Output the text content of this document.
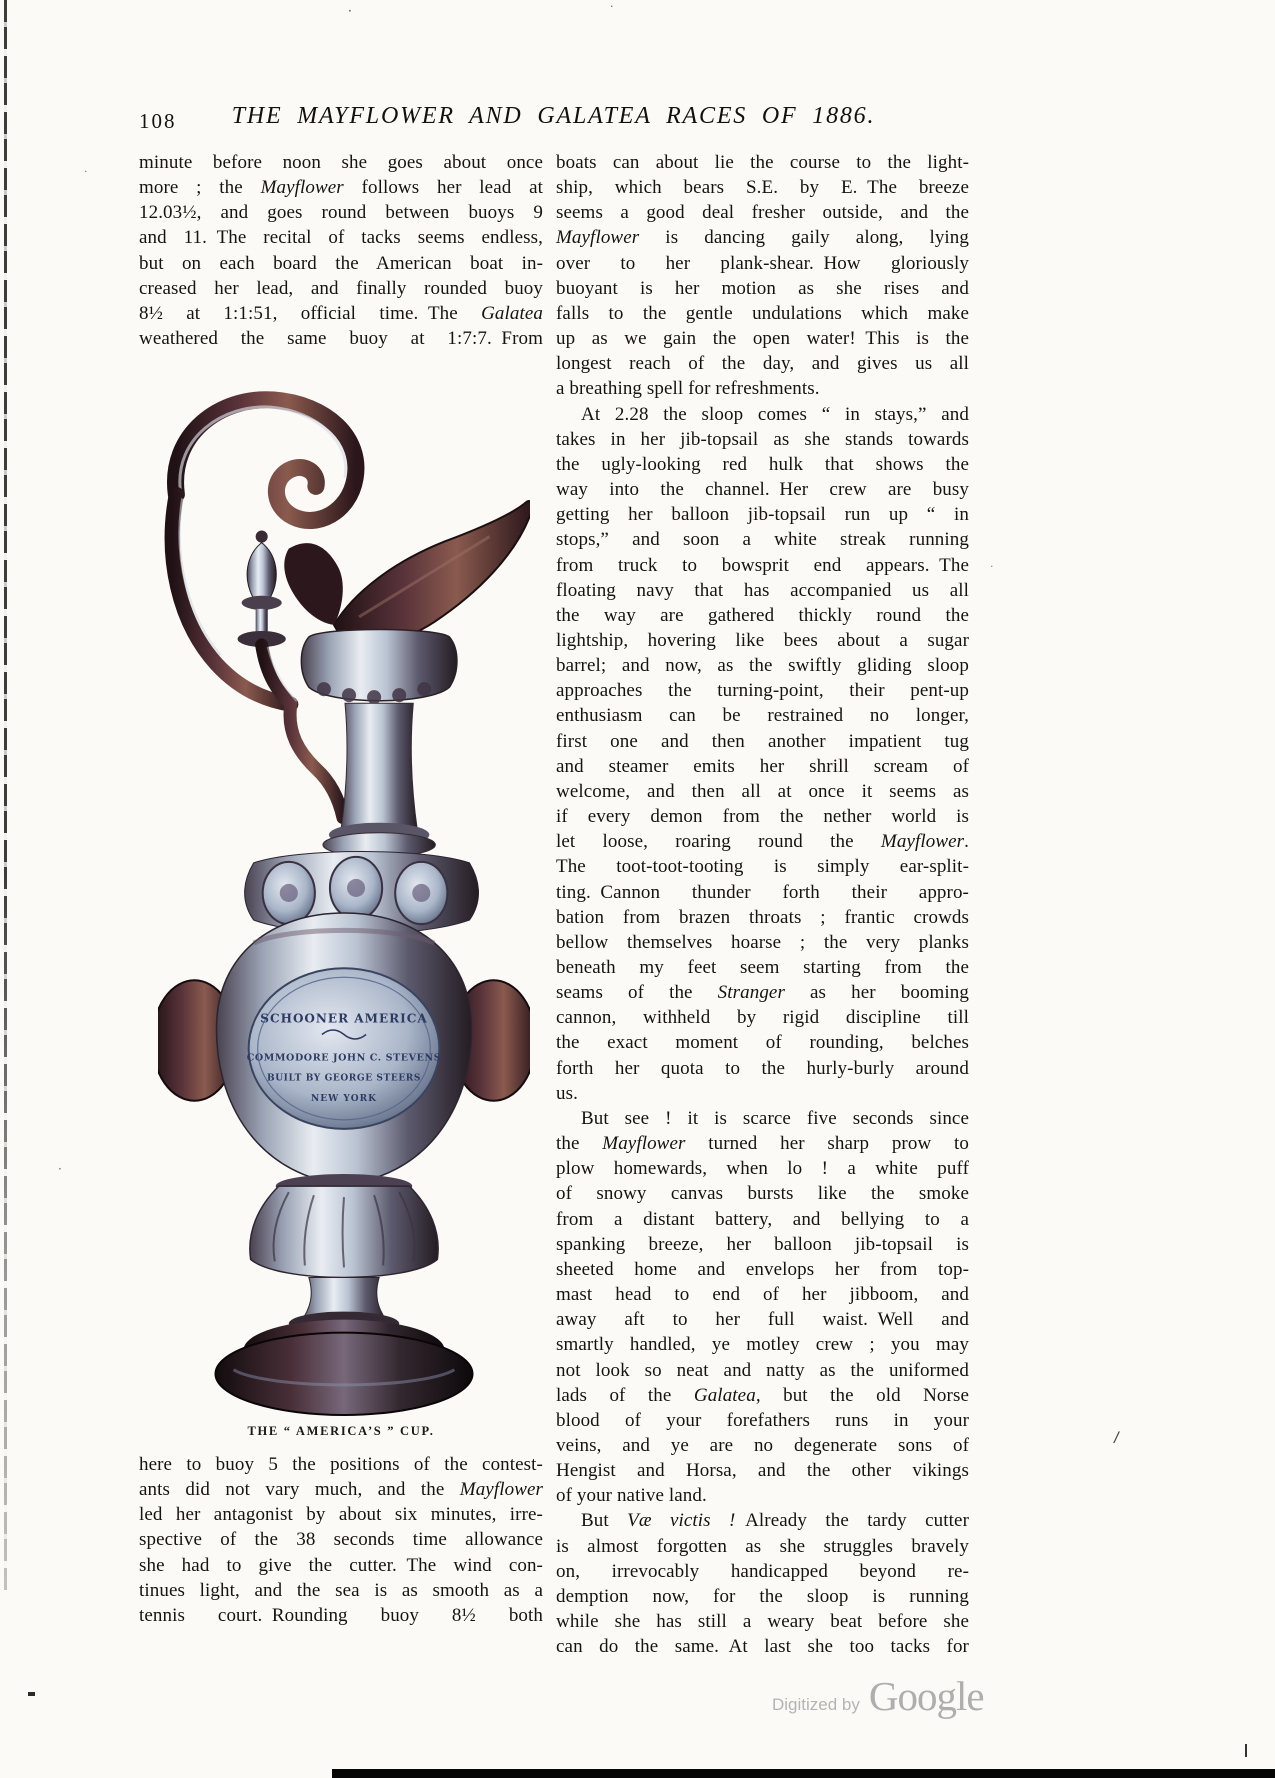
108	THE MAYFLOWER AND GALATEA RACES OF 1886.
minute before noon she goes about once
more ; the Mayflower follows her lead at
12.03½, and goes round between buoys 9
and 11. The recital of tacks seems endless,
but on each board the American boat in-
creased her lead, and finally rounded buoy
8½ at 1:1:51, official time. The Galatea
weathered the same buoy at 1:7:7. From
SCHOONER AMERICA
COMMODORE JOHN C. STEVENS
BUILT BY GEORGE STEERS
NEW YORK
THE “ AMERICA’S ” CUP.
here to buoy 5 the positions of the contest-
ants did not vary much, and the Mayflower
led her antagonist by about six minutes, irre-
spective of the 38 seconds time allowance
she had to give the cutter. The wind con-
tinues light, and the sea is as smooth as a
tennis court. Rounding buoy 8½ both
boats can about lie the course to the light-
ship, which bears S.E. by E. The breeze
seems a good deal fresher outside, and the
Mayflower is dancing gaily along, lying
over to her plank-shear. How gloriously
buoyant is her motion as she rises and
falls to the gentle undulations which make
up as we gain the open water! This is the
longest reach of the day, and gives us all
a breathing spell for refreshments.
At 2.28 the sloop comes “ in stays,” and
takes in her jib-topsail as she stands towards
the ugly-looking red hulk that shows the
way into the channel. Her crew are busy
getting her balloon jib-topsail run up “ in
stops,” and soon a white streak running
from truck to bowsprit end appears. The
floating navy that has accompanied us all
the way are gathered thickly round the
lightship, hovering like bees about a sugar
barrel; and now, as the swiftly gliding sloop
approaches the turning-point, their pent-up
enthusiasm can be restrained no longer,
first one and then another impatient tug
and steamer emits her shrill scream of
welcome, and then all at once it seems as
if every demon from the nether world is
let loose, roaring round the Mayflower.
The toot-toot-tooting is simply ear-split-
ting. Cannon thunder forth their appro-
bation from brazen throats ; frantic crowds
bellow themselves hoarse ; the very planks
beneath my feet seem starting from the
seams of the Stranger as her booming
cannon, withheld by rigid discipline till
the exact moment of rounding, belches
forth her quota to the hurly-burly around
us.
But see ! it is scarce five seconds since
the Mayflower turned her sharp prow to
plow homewards, when lo ! a white puff
of snowy canvas bursts like the smoke
from a distant battery, and bellying to a
spanking breeze, her balloon jib-topsail is
sheeted home and envelops her from top-
mast head to end of her jibboom, and
away aft to her full waist. Well and
smartly handled, ye motley crew ; you may
not look so neat and natty as the uniformed
lads of the Galatea, but the old Norse
blood of your forefathers runs in your
veins, and ye are no degenerate sons of
Hengist and Horsa, and the other vikings
of your native land.
But Væ victis ! Already the tardy cutter
is almost forgotten as she struggles bravely
on, irrevocably handicapped beyond re-
demption now, for the sloop is running
while she has still a weary beat before she
can do the same. At last she too tacks for
Digitized by Google
·	·
·
·
·
/
